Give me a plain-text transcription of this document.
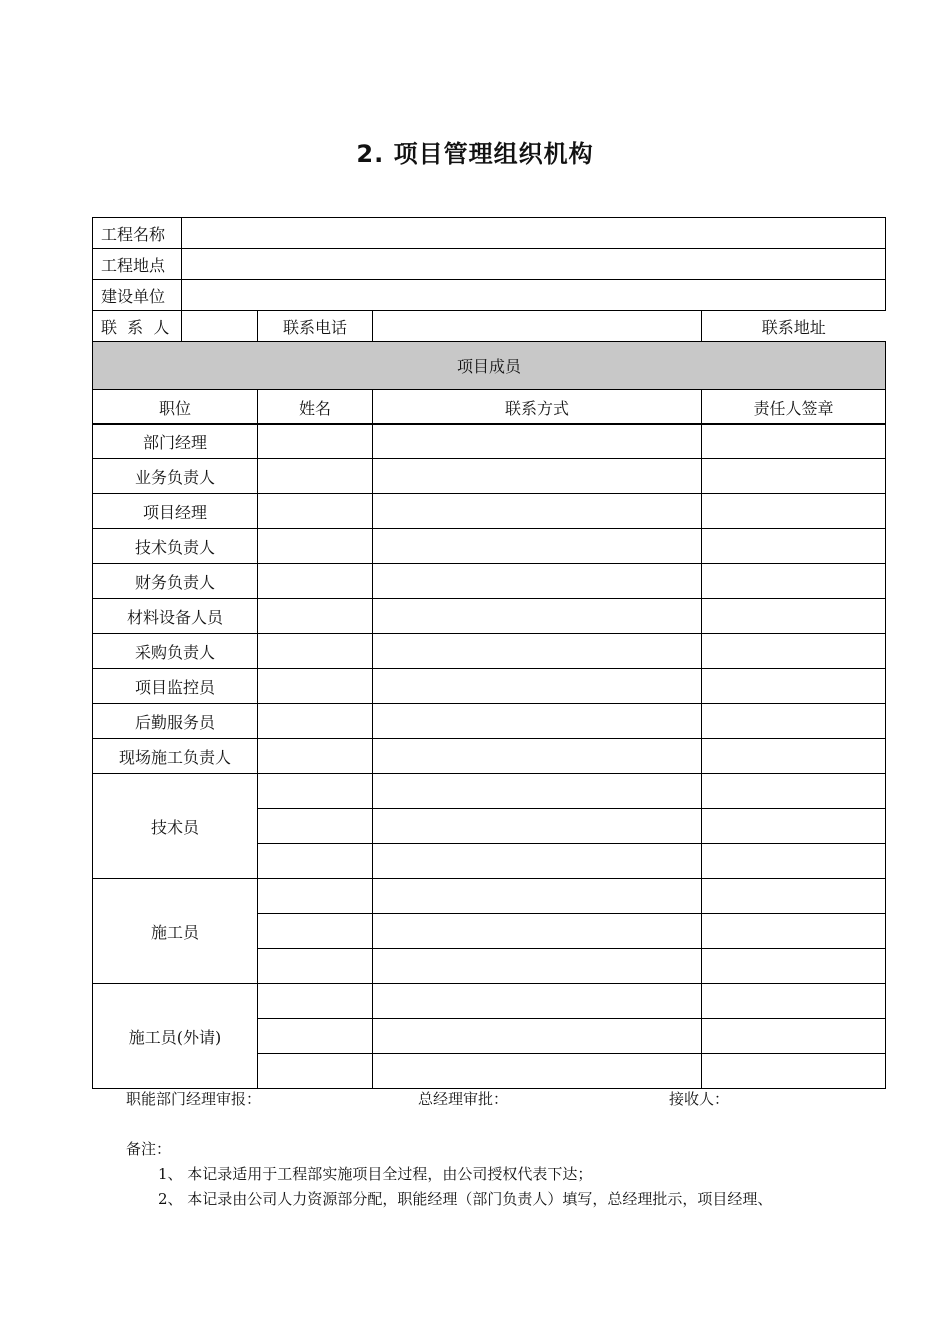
2. 项目管理组织机构
工程名称	
工程地点	
建设单位	
联  系  人		联系电话			联系地址

项目成员
职位	姓名	联系方式	责任人签章
部门经理			
业务负责人			
项目经理			
技术负责人			
财务负责人			
材料设备人员			
采购负责人			
项目监控员			
后勤服务员			
现场施工负责人			
技术员			

施工员			

施工员(外请)			

职能部门经理审报：	总经理审批：	接收人：
备注：
1、 本记录适用于工程部实施项目全过程，由公司授权代表下达；
2、 本记录由公司人力资源部分配，职能经理（部门负责人）填写，总经理批示，项目经理、
